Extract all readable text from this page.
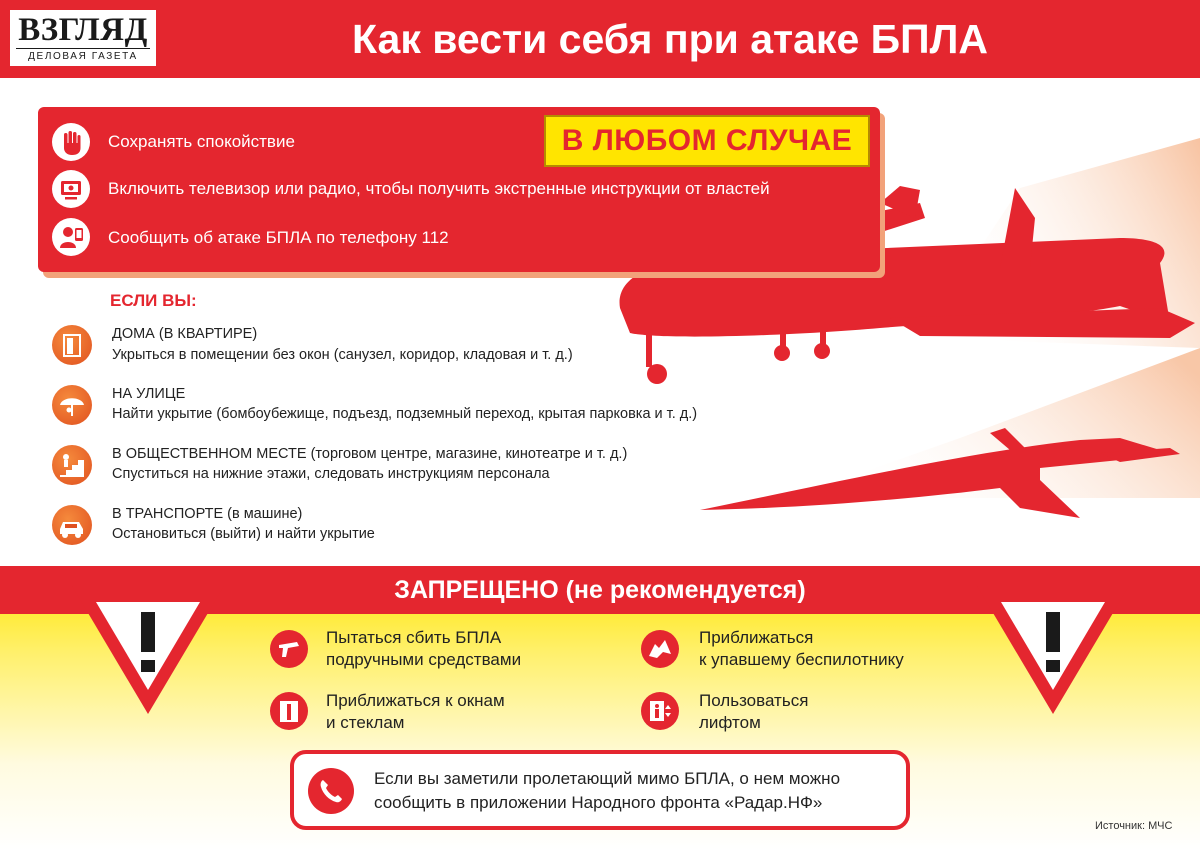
ВЗГЛЯД
ДЕЛОВАЯ ГАЗЕТА	Как вести себя при атаке БПЛА
В ЛЮБОМ СЛУЧАЕ
Сохранять спокойствие
Включить телевизор или радио, чтобы получить экстренные инструкции от властей
Сообщить об атаке БПЛА по телефону 112
ЕСЛИ ВЫ:
ДОМА (В КВАРТИРЕ)
Укрыться в помещении без окон (санузел, коридор, кладовая и т. д.)
НА УЛИЦЕ
Найти укрытие (бомбоубежище, подъезд, подземный переход, крытая парковка и т. д.)
В ОБЩЕСТВЕННОМ МЕСТЕ (торговом центре, магазине, кинотеатре и т. д.)
Спуститься на нижние этажи, следовать инструкциям персонала
В ТРАНСПОРТЕ (в машине)
Остановиться (выйти) и найти укрытие
ЗАПРЕЩЕНО (не рекомендуется)
Пытаться сбить БПЛА
подручными средствами
Приближаться
к упавшему беспилотнику
Приближаться к окнам
и стеклам
Пользоваться
лифтом
Если вы заметили пролетающий мимо БПЛА, о нем можно
сообщить в приложении Народного фронта «Радар.НФ»
Источник: МЧС
